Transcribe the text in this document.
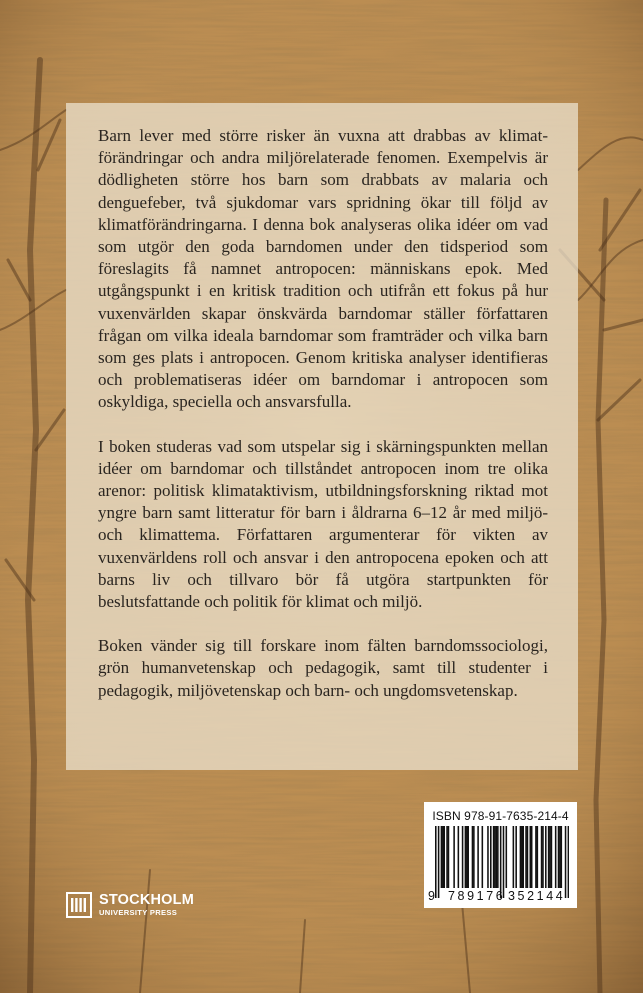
Barn lever med större risker än vuxna att drabbas av klimatförändringar och andra miljörelaterade fenomen. Exempelvis är dödligheten större hos barn som drabbats av malaria och denguefeber, två sjukdomar vars spridning ökar till följd av klimatförändringarna. I denna bok analyseras olika idéer om vad som utgör den goda barndomen under den tidsperiod som föreslagits få namnet antropocen: människans epok. Med utgångspunkt i en kritisk tradition och utifrån ett fokus på hur vuxenvärlden skapar önskvärda barndomar ställer författaren frågan om vilka ideala barndomar som framträder och vilka barn som ges plats i antropocen. Genom kritiska analyser identifieras och problematiseras idéer om barndomar i antropocen som oskyldiga, speciella och ansvarsfulla.

I boken studeras vad som utspelar sig i skärningspunkten mellan idéer om barndomar och tillståndet antropocen inom tre olika arenor: politisk klimataktivism, utbildningsforskning riktad mot yngre barn samt litteratur för barn i åldrarna 6–12 år med miljö- och klimattema. Författaren argumenterar för vikten av vuxenvärldens roll och ansvar i den antropocena epoken och att barns liv och tillvaro bör få utgöra startpunkten för beslutsfattande och politik för klimat och miljö.

Boken vänder sig till forskare inom fälten barndomssociologi, grön humanvetenskap och pedagogik, samt till studenter i pedagogik, miljövetenskap och barn- och ungdomsvetenskap.

STOCKHOLM
UNIVERSITY PRESS
ISBN 978-91-7635-214-4
9 789176 352144
